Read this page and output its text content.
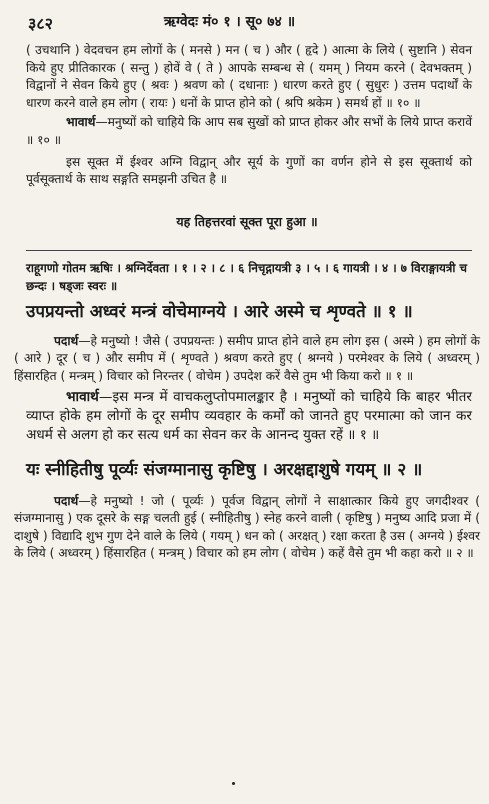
३८२	ऋग्वेदः मं० १ । सू० ७४ ॥

( उचथानि ) वेदवचन हम लोगों के ( मनसे ) मन ( च ) और ( हृदे ) आत्मा के लिये ( सुष्टानि ) सेवन किये हुए प्रीतिकारक ( सन्तु ) होवें वे ( ते ) आपके सम्बन्ध से ( यमम् ) नियम करने ( देवभक्तम् ) विद्वानों ने सेवन किये हुए ( श्रवः ) श्रवण को ( दधानाः ) धारण करते हुए ( सुधुरः ) उत्तम पदार्थों के धारण करने वाले हम लोग ( रायः ) धनों के प्राप्त होने को ( श्रपि श्रकेम ) समर्थ हों ॥ १० ॥

भावार्थ—मनुष्यों को चाहिये कि आप सब सुखों को प्राप्त होकर और सभों के लिये प्राप्त करावें ॥ १० ॥

इस सूक्त में ईश्वर अग्नि विद्वान् और सूर्य के गुणों का वर्णन होने से इस सूक्तार्थ को पूर्वसूक्तार्थ के साथ सङ्गति समझनी उचित है ॥

यह तिहत्तरवां सूक्त पूरा हुआ ॥
राहूगणो गोतम ऋषिः । श्रग्निर्देवता । १ । २ । ८ । ६ निचृद्गायत्री ३ । ५ । ६ गायत्री । ४ । ७ विराङ्गायत्री च छन्दः । षड्जः स्वरः ॥
उपप्रयन्तो अध्वरं मन्त्रं वोचेमाग्नये । आरे अस्मे च शृण्वते ॥ १ ॥

पदार्थ—हे मनुष्यो ! जैसे ( उपप्रयन्तः ) समीप प्राप्त होने वाले हम लोग इस ( अस्मे ) हम लोगों के ( आरे ) दूर ( च ) और समीप में ( शृण्वते ) श्रवण करते हुए ( श्रग्नये ) परमेश्वर के लिये ( अध्वरम् ) हिंसारहित ( मन्त्रम् ) विचार को निरन्तर ( वोचेम ) उपदेश करें वैसे तुम भी किया करो ॥ १ ॥

भावार्थ—इस मन्त्र में वाचकलुप्तोपमालङ्कार है । मनुष्यों को चाहिये कि बाहर भीतर व्याप्त होके हम लोगों के दूर समीप व्यवहार के कर्मों को जानते हुए परमात्मा को जान कर अधर्म से अलग हो कर सत्य धर्म का सेवन कर के आनन्द युक्त रहें ॥ १ ॥

यः स्नीहितीषु पूर्व्यः संजग्मानासु कृष्टिषु । अरक्षद्दाशुषे गयम् ॥ २ ॥

पदार्थ—हे मनुष्यो ! जो ( पूर्व्यः ) पूर्वज विद्वान् लोगों ने साक्षात्कार किये हुए जगदीश्वर ( संजग्मानासु ) एक दूसरे के सङ्ग चलती हुई ( स्नीहितीषु ) स्नेह करने वाली ( कृष्टिषु ) मनुष्य आदि प्रजा में ( दाशुषे ) विद्यादि शुभ गुण देने वाले के लिये ( गयम् ) धन को ( अरक्षत् ) रक्षा करता है उस ( अग्नये ) ईश्वर के लिये ( अध्वरम् ) हिंसारहित ( मन्त्रम् ) विचार को हम लोग ( वोचेम ) कहें वैसे तुम भी कहा करो ॥ २ ॥
